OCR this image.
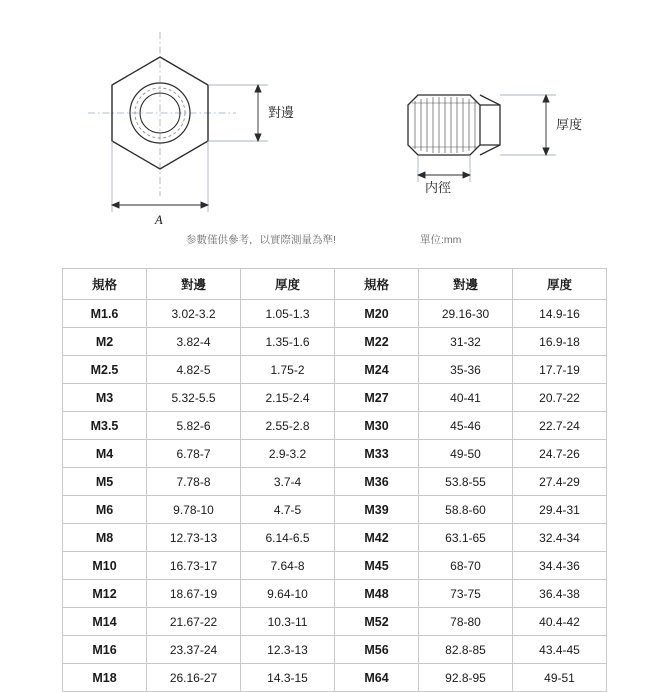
對邊
A
厚度
内徑
参數僅供參考，以實際測量為準!	單位:mm
規格	對邊	厚度	規格	對邊	厚度
M1.6	3.02-3.2	1.05-1.3	M20	29.16-30	14.9-16
M2	3.82-4	1.35-1.6	M22	31-32	16.9-18
M2.5	4.82-5	1.75-2	M24	35-36	17.7-19
M3	5.32-5.5	2.15-2.4	M27	40-41	20.7-22
M3.5	5.82-6	2.55-2.8	M30	45-46	22.7-24
M4	6.78-7	2.9-3.2	M33	49-50	24.7-26
M5	7.78-8	3.7-4	M36	53.8-55	27.4-29
M6	9.78-10	4.7-5	M39	58.8-60	29.4-31
M8	12.73-13	6.14-6.5	M42	63.1-65	32.4-34
M10	16.73-17	7.64-8	M45	68-70	34.4-36
M12	18.67-19	9.64-10	M48	73-75	36.4-38
M14	21.67-22	10.3-11	M52	78-80	40.4-42
M16	23.37-24	12.3-13	M56	82.8-85	43.4-45
M18	26.16-27	14.3-15	M64	92.8-95	49-51
